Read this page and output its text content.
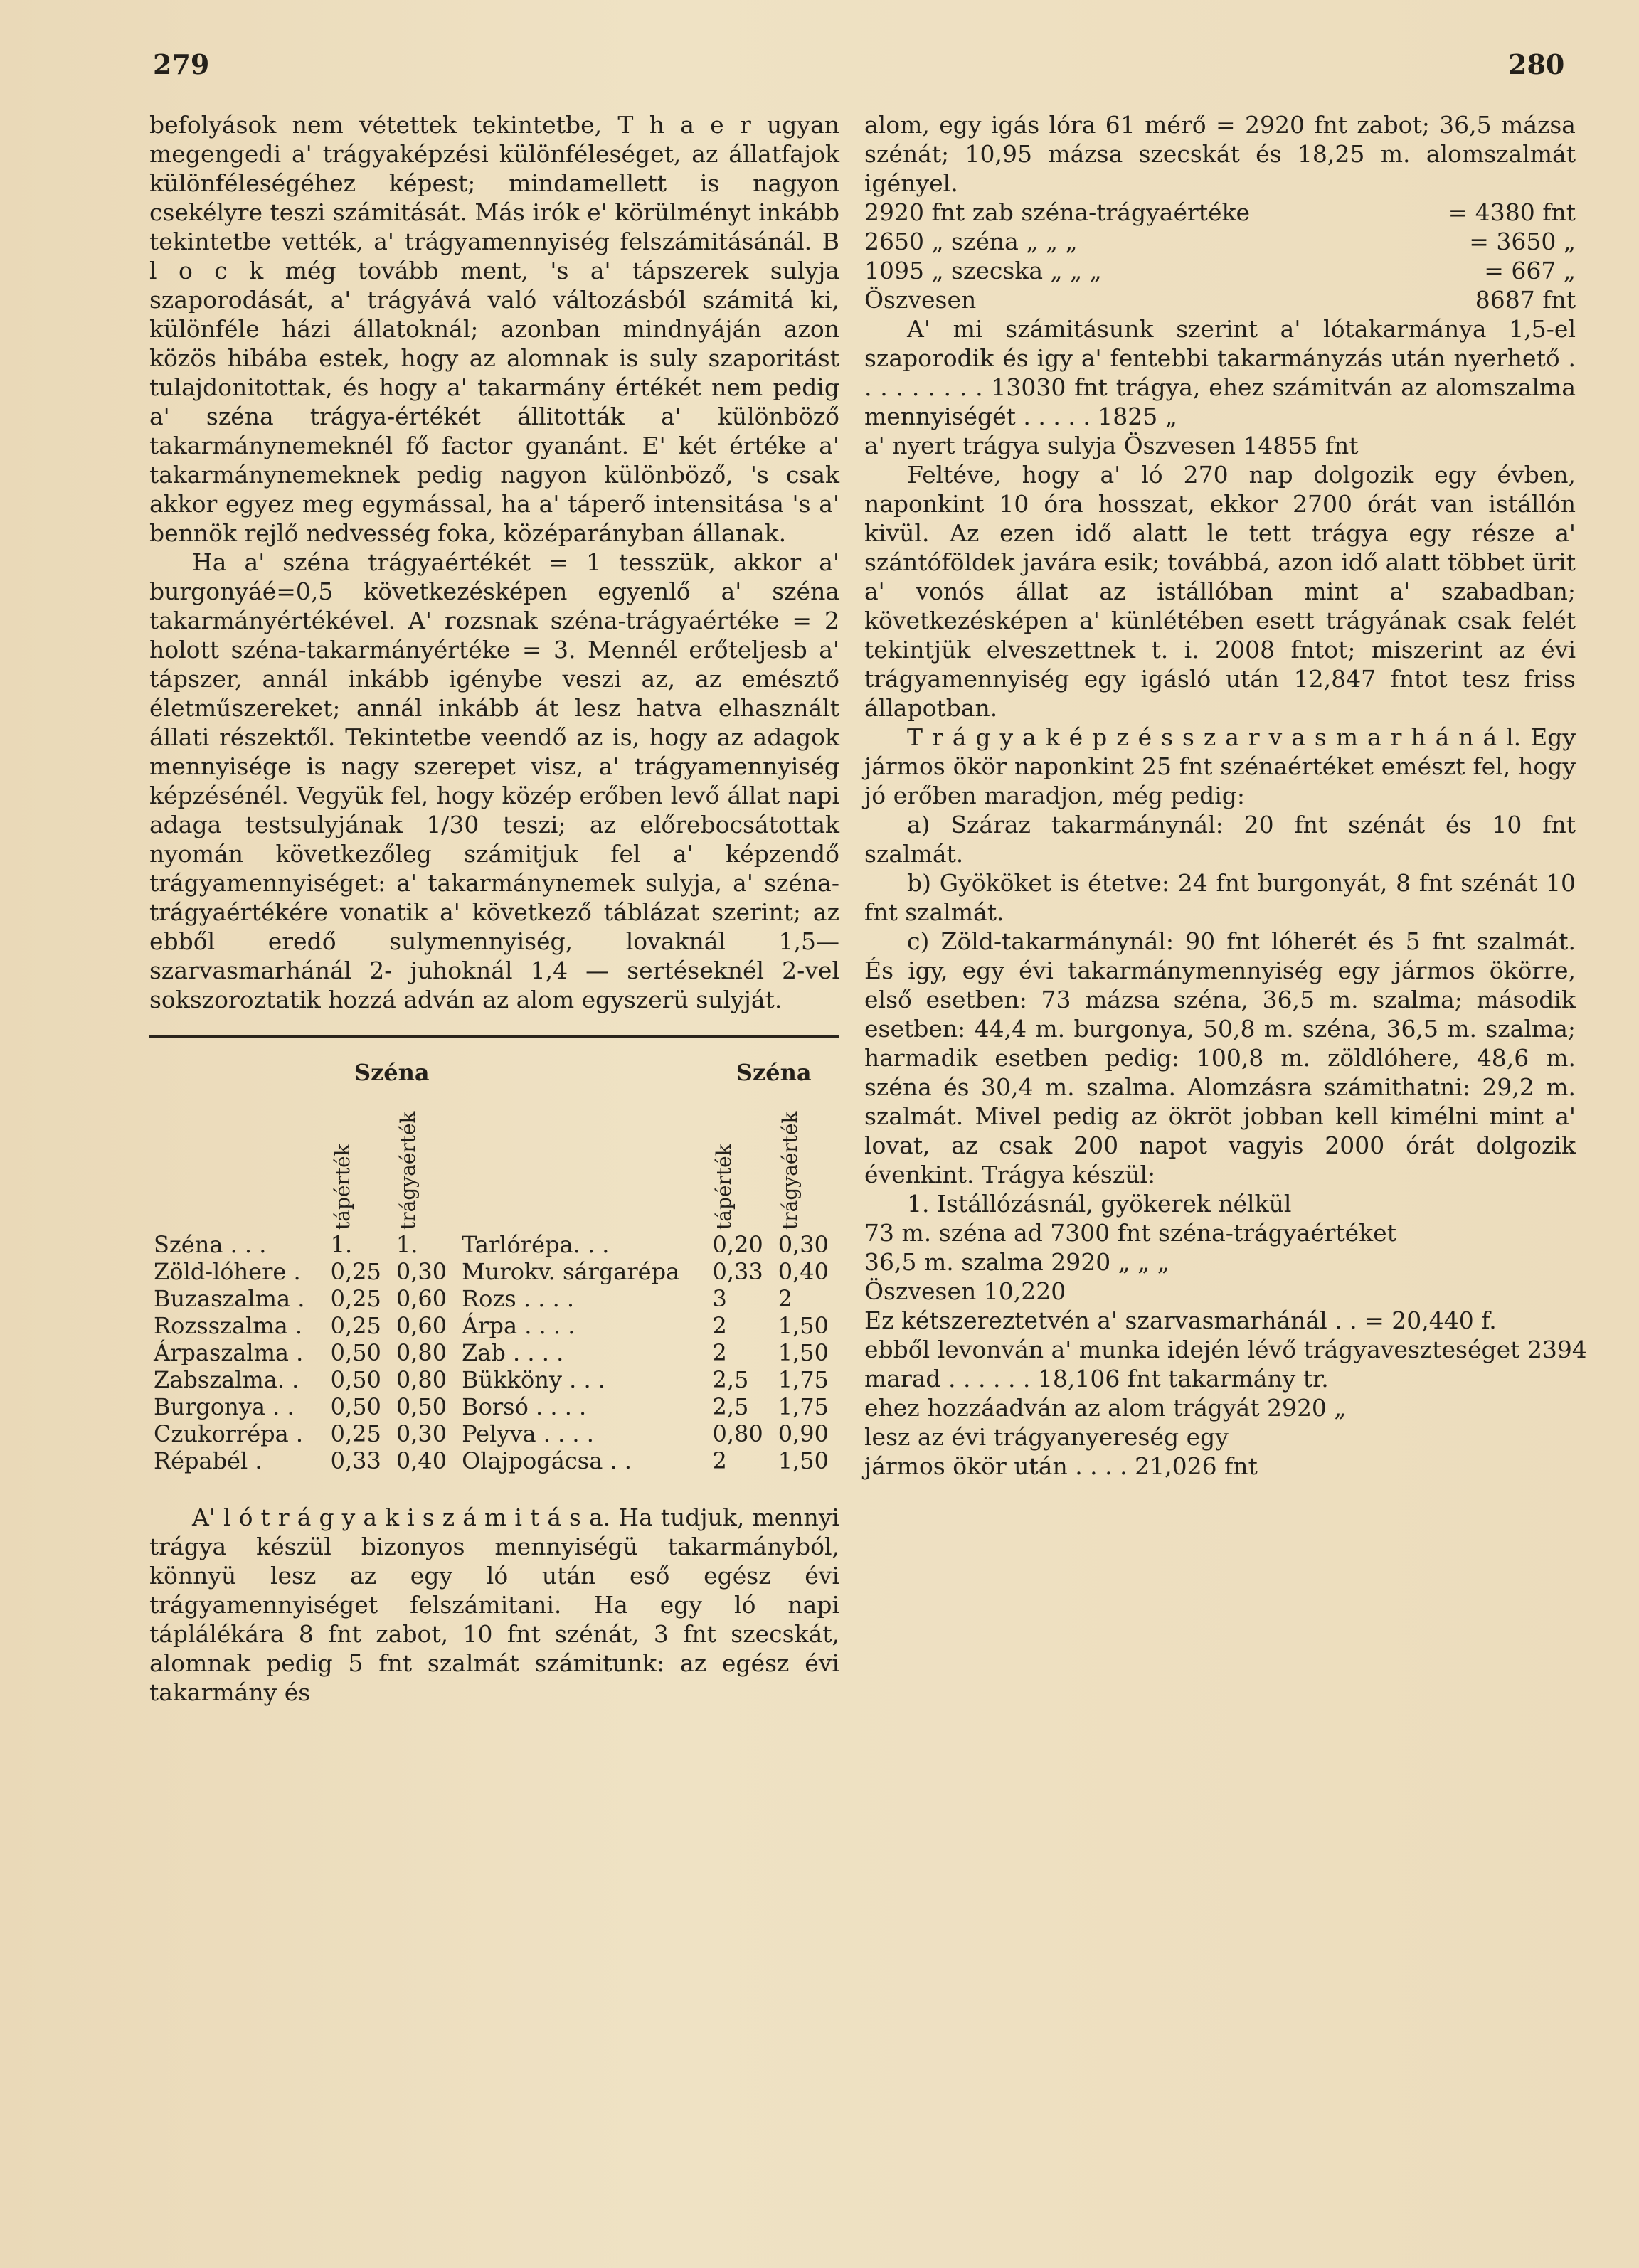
279	280

befolyások nem vétettek tekintetbe, T h a e r ugyan megengedi a' trágyaképzési különféleséget, az állatfajok különféleségéhez képest; mindamellett is nagyon csekélyre teszi számitását. Más irók e' körülményt inkább tekintetbe vették, a' trágyamennyiség felszámitásánál. B l o c k még tovább ment, 's a' tápszerek sulyja szaporodását, a' trágyává való változásból számitá ki, különféle házi állatoknál; azonban mindnyáján azon közös hibába estek, hogy az alomnak is suly szaporitást tulajdonitottak, és hogy a' takarmány értékét nem pedig a' széna trágya-értékét állitották a' különböző takarmánynemeknél fő factor gyanánt. E' két értéke a' takarmánynemeknek pedig nagyon különböző, 's csak akkor egyez meg egymással, ha a' táperő intensitása 's a' bennök rejlő nedvesség foka, középarányban állanak.

Ha a' széna trágyaértékét = 1 tesszük, akkor a' burgonyáé=0,5 következésképen egyenlő a' széna takarmányértékével. A' rozsnak széna-trágyaértéke = 2 holott széna-takarmányértéke = 3. Mennél erőteljesb a' tápszer, annál inkább igénybe veszi az, az emésztő életműszereket; annál inkább át lesz hatva elhasznált állati részektől. Tekintetbe veendő az is, hogy az adagok mennyisége is nagy szerepet visz, a' trágyamennyiség képzésénél. Vegyük fel, hogy közép erőben levő állat napi adaga testsulyjának 1/30 teszi; az előrebocsátottak nyomán következőleg számitjuk fel a' képzendő trágyamennyiséget: a' takarmánynemek sulyja, a' széna-trágyaértékére vonatik a' következő táblázat szerint; az ebből eredő sulymennyiség, lovaknál 1,5—szarvasmarhánál 2- juhoknál 1,4 — sertéseknél 2-vel sokszoroztatik hozzá adván az alom egyszerü sulyját.

	Széna			Széna	

	tápérték	trágyaérték		tápérték	trágyaérték

Széna . . .	1.	1.	Tarlórépa. . .	0,20	0,30
Zöld-lóhere .	0,25	0,30	Murokv. sárgarépa	0,33	0,40
Buzaszalma .	0,25	0,60	Rozs . . . .	3	2
Rozsszalma .	0,25	0,60	Árpa . . . .	2	1,50
Árpaszalma .	0,50	0,80	Zab . . . .	2	1,50
Zabszalma. .	0,50	0,80	Bükköny . . .	2,5	1,75
Burgonya . .	0,50	0,50	Borsó . . . .	2,5	1,75
Czukorrépa .	0,25	0,30	Pelyva . . . .	0,80	0,90
Répabél .	0,33	0,40	Olajpogácsa . .	2	1,50

A' l ó t r á g y a k i s z á m i t á s a. Ha tudjuk, mennyi trágya készül bizonyos mennyiségü takarmányból, könnyü lesz az egy ló után eső egész évi trágyamennyiséget felszámitani. Ha egy ló napi táplálékára 8 fnt zabot, 10 fnt szénát, 3 fnt szecskát, alomnak pedig 5 fnt szalmát számitunk: az egész évi takarmány és

alom, egy igás lóra 61 mérő = 2920 fnt zabot; 36,5 mázsa szénát; 10,95 mázsa szecskát és 18,25 m. alomszalmát igényel.

2920 fnt zab széna-trágyaértéke	= 4380 fnt
2650 „ széna „ „ „	= 3650 „
1095 „ szecska „ „ „	= 667 „
Öszvesen	8687 fnt

A' mi számitásunk szerint a' lótakarmánya 1,5-el szaporodik és igy a' fentebbi takarmányzás után nyerhető . . . . . . . . . 13030 fnt trágya, ehez számitván az alomszalma mennyiségét . . . . . 1825 „

a' nyert trágya sulyja Öszvesen 14855 fnt

Feltéve, hogy a' ló 270 nap dolgozik egy évben, naponkint 10 óra hosszat, ekkor 2700 órát van istállón kivül. Az ezen idő alatt le tett trágya egy része a' szántóföldek javára esik; továbbá, azon idő alatt többet ürit a' vonós állat az istállóban mint a' szabadban; következésképen a' künlétében esett trágyának csak felét tekintjük elveszettnek t. i. 2008 fntot; miszerint az évi trágyamennyiség egy igásló után 12,847 fntot tesz friss állapotban.

T r á g y a k é p z é s s z a r v a s m a r h á n á l. Egy jármos ökör naponkint 25 fnt szénaértéket emészt fel, hogy jó erőben maradjon, még pedig:

a) Száraz takarmánynál: 20 fnt szénát és 10 fnt szalmát.

b) Gyököket is étetve: 24 fnt burgonyát, 8 fnt szénát 10 fnt szalmát.

c) Zöld-takarmánynál: 90 fnt lóherét és 5 fnt szalmát. És igy, egy évi takarmánymennyiség egy jármos ökörre, első esetben: 73 mázsa széna, 36,5 m. szalma; második esetben: 44,4 m. burgonya, 50,8 m. széna, 36,5 m. szalma; harmadik esetben pedig: 100,8 m. zöldlóhere, 48,6 m. széna és 30,4 m. szalma. Alomzásra számithatni: 29,2 m. szalmát. Mivel pedig az ökröt jobban kell kimélni mint a' lovat, az csak 200 napot vagyis 2000 órát dolgozik évenkint. Trágya készül:

1. Istállózásnál, gyökerek nélkül

73 m. széna ad 7300 fnt széna-trágyaértéket
36,5 m. szalma 2920 „ „ „
Öszvesen 10,220
Ez kétszereztetvén a' szarvasmarhánál . . = 20,440 f.
ebből levonván a' munka idején lévő trágyaveszteséget 2394
marad . . . . . . 18,106 fnt takarmány tr.
ehez hozzáadván az alom trágyát 2920 „
lesz az évi trágyanyereség egy
jármos ökör után . . . . 21,026 fnt
